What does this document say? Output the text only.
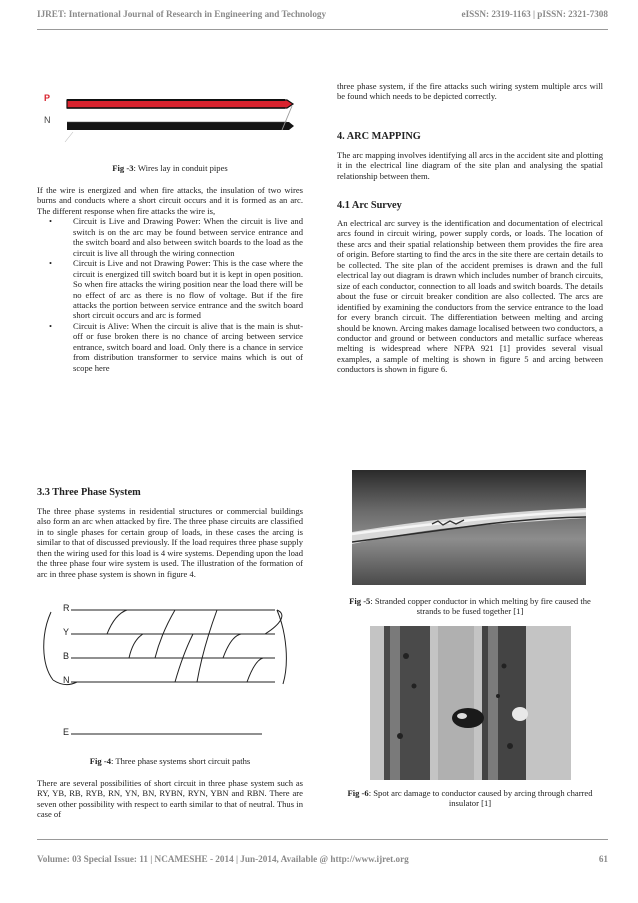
IJRET: International Journal of Research in Engineering and Technology	eISSN: 2319-1163 | pISSN: 2321-7308
P
N
Fig -3: Wires lay in conduit pipes

If the wire is energized and when fire attacks, the insulation of two wires burns and conducts where a short circuit occurs and it is formed as an arc. The different response when fire attacks the wire is,

• Circuit is Live and Drawing Power: When the circuit is live and switch is on the arc may be found between service entrance and the switch board and also between switch boards to the load as the circuit is live all through the wiring connection
• Circuit is Live and not Drawing Power: This is the case where the circuit is energized till switch board but it is kept in open position. So when fire attacks the wiring position near the load there will be no effect of arc as there is no flow of voltage. But if the fire attacks the portion between service entrance and the switch board short circuit occurs and arc is formed
• Circuit is Alive: When the circuit is alive that is the main is shut-off or fuse broken there is no chance of arcing between service entrance, switch board and load. Only there is a chance in service from distribution transformer to service mains which is out of scope here
3.3 Three Phase System

The three phase systems in residential structures or commercial buildings also form an arc when attacked by fire. The three phase circuits are classified in to single phases for certain group of loads, in these cases the arcing is similar to that of discussed previously. If the load requires three phase supply then the wiring used for this load is 4 wire systems. Depending upon the load the three phase four wire system is used. The illustration of the formation of arc in three phase system is shown in figure 4.

R
Y
B
N
E
Fig -4: Three phase systems short circuit paths

There are several possibilities of short circuit in three phase system such as RY, YB, RB, RYB, RN, YN, BN, RYBN, RYN, YBN and RBN. There are seven other possibility with respect to earth similar to that of neutral. Thus in case of

three phase system, if the fire attacks such wiring system multiple arcs will be found which needs to be depicted correctly.

4. ARC MAPPING

The arc mapping involves identifying all arcs in the accident site and plotting it in the electrical line diagram of the site plan and analysing the spatial relationship between them.

4.1 Arc Survey

An electrical arc survey is the identification and documentation of electrical arcs found in circuit wiring, power supply cords, or loads. The location of these arcs and their spatial relationship between them provides the fire area of origin. Before starting to find the arcs in the site there are certain details to be collected. The site plan of the accident premises is drawn and the full electrical lay out diagram is drawn which includes number of branch circuits, size of each conductor, connection to all loads and switch boards. The details about the fuse or circuit breaker condition are also collected. The arcs are identified by examining the conductors from the service entrance to the load for every branch circuit. The differentiation between melting and arcing should be known. Arcing makes damage localised between two conductors, a conductor and ground or between conductors and metallic surface whereas melting is widespread where NFPA 921 [1] provides several visual examples, a sample of melting is shown in figure 5 and arcing between conductors is shown in figure 6.

Fig -5: Stranded copper conductor in which melting by fire caused the strands to be fused together [1]
Fig -6: Spot arc damage to conductor caused by arcing through charred insulator [1]
Volume: 03 Special Issue: 11 | NCAMESHE - 2014 | Jun-2014, Available @ http://www.ijret.org	61
